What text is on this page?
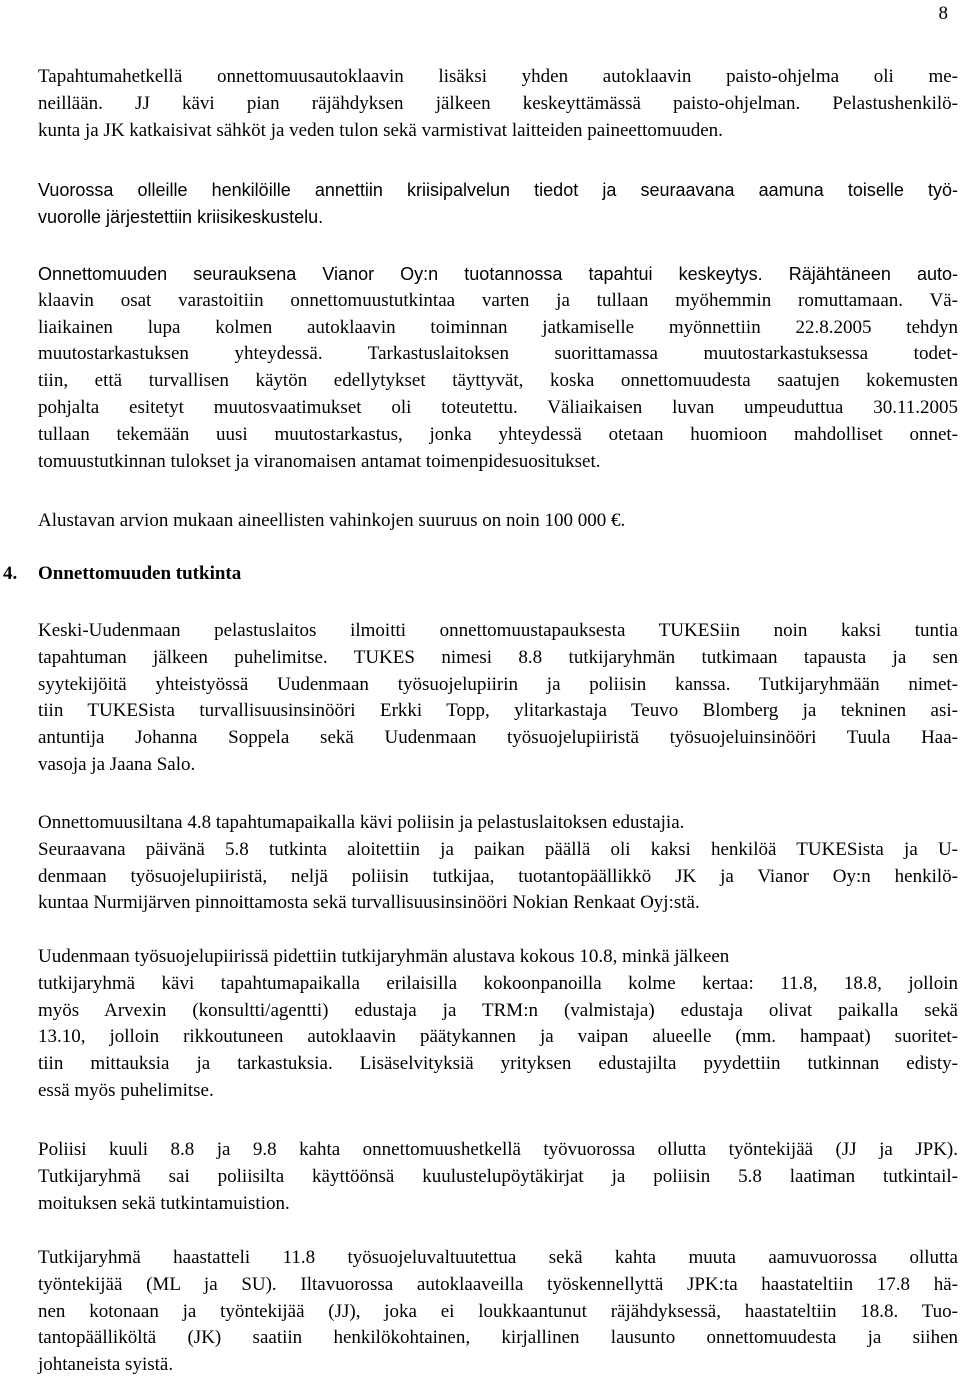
8
Tapahtumahetkellä onnettomuusautoklaavin lisäksi yhden autoklaavin paisto-ohjelma oli me-
neillään. JJ kävi pian räjähdyksen jälkeen keskeyttämässä paisto-ohjelman. Pelastushenkilö-
kunta ja JK katkaisivat sähköt ja veden tulon sekä varmistivat laitteiden paineettomuuden.
Vuorossa olleille henkilöille annettiin kriisipalvelun tiedot ja seuraavana aamuna toiselle työ-
vuorolle järjestettiin kriisikeskustelu.
Onnettomuuden seurauksena Vianor Oy:n tuotannossa tapahtui keskeytys. Räjähtäneen auto-
klaavin osat varastoitiin onnettomuustutkintaa varten ja tullaan myöhemmin romuttamaan. Vä-
liaikainen lupa kolmen autoklaavin toiminnan jatkamiselle myönnettiin 22.8.2005 tehdyn
muutostarkastuksen yhteydessä. Tarkastuslaitoksen suorittamassa muutostarkastuksessa todet-
tiin, että turvallisen käytön edellytykset täyttyvät, koska onnettomuudesta saatujen kokemusten
pohjalta esitetyt muutosvaatimukset oli toteutettu. Väliaikaisen luvan umpeuduttua 30.11.2005
tullaan tekemään uusi muutostarkastus, jonka yhteydessä otetaan huomioon mahdolliset onnet-
tomuustutkinnan tulokset ja viranomaisen antamat toimenpidesuositukset.
Alustavan arvion mukaan aineellisten vahinkojen suuruus on noin 100 000 €.
4. Onnettomuuden tutkinta
Keski-Uudenmaan pelastuslaitos ilmoitti onnettomuustapauksesta TUKESiin noin kaksi tuntia
tapahtuman jälkeen puhelimitse. TUKES nimesi 8.8 tutkijaryhmän tutkimaan tapausta ja sen
syytekijöitä yhteistyössä Uudenmaan työsuojelupiirin ja poliisin kanssa. Tutkijaryhmään nimet-
tiin TUKESista turvallisuusinsinööri Erkki Topp, ylitarkastaja Teuvo Blomberg ja tekninen asi-
antuntija Johanna Soppela sekä Uudenmaan työsuojelupiiristä työsuojeluinsinööri Tuula Haa-
vasoja ja Jaana Salo.
Onnettomuusiltana 4.8 tapahtumapaikalla kävi poliisin ja pelastuslaitoksen edustajia.
Seuraavana päivänä 5.8 tutkinta aloitettiin ja paikan päällä oli kaksi henkilöä TUKESista ja U-
denmaan työsuojelupiiristä, neljä poliisin tutkijaa, tuotantopäällikkö JK ja Vianor Oy:n henkilö-
kuntaa Nurmijärven pinnoittamosta sekä turvallisuusinsinööri Nokian Renkaat Oyj:stä.
Uudenmaan työsuojelupiirissä pidettiin tutkijaryhmän alustava kokous 10.8, minkä jälkeen
tutkijaryhmä kävi tapahtumapaikalla erilaisilla kokoonpanoilla kolme kertaa: 11.8, 18.8, jolloin
myös Arvexin (konsultti/agentti) edustaja ja TRM:n (valmistaja) edustaja olivat paikalla sekä
13.10, jolloin rikkoutuneen autoklaavin päätykannen ja vaipan alueelle (mm. hampaat) suoritet-
tiin mittauksia ja tarkastuksia. Lisäselvityksiä yrityksen edustajilta pyydettiin tutkinnan edisty-
essä myös puhelimitse.
Poliisi kuuli 8.8 ja 9.8 kahta onnettomuushetkellä työvuorossa ollutta työntekijää (JJ ja JPK).
Tutkijaryhmä sai poliisilta käyttöönsä kuulustelupöytäkirjat ja poliisin 5.8 laatiman tutkintail-
moituksen sekä tutkintamuistion.
Tutkijaryhmä haastatteli 11.8 työsuojeluvaltuutettua sekä kahta muuta aamuvuorossa ollutta
työntekijää (ML ja SU). Iltavuorossa autoklaaveilla työskennellyttä JPK:ta haastateltiin 17.8 hä-
nen kotonaan ja työntekijää (JJ), joka ei loukkaantunut räjähdyksessä, haastateltiin 18.8. Tuo-
tantopäälliköltä (JK) saatiin henkilökohtainen, kirjallinen lausunto onnettomuudesta ja siihen
johtaneista syistä.
